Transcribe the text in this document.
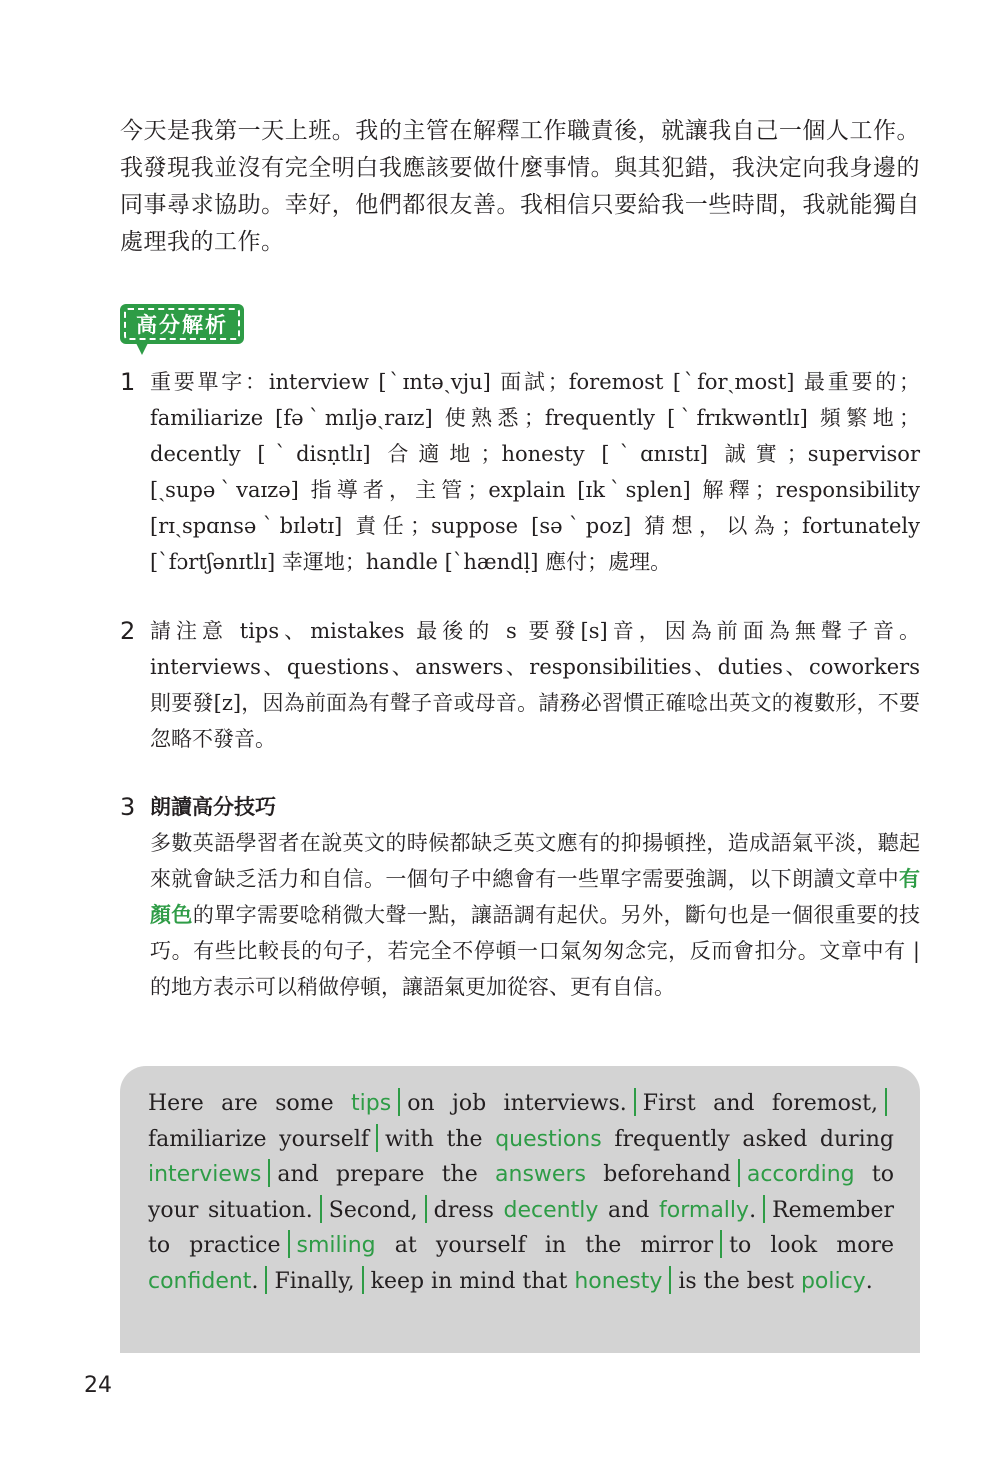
今天是我第一天上班。我的主管在解釋工作職責後，就讓我自己一個人工作。我發現我並沒有完全明白我應該要做什麼事情。與其犯錯，我決定向我身邊的同事尋求協助。幸好，他們都很友善。我相信只要給我一些時間，我就能獨自處理我的工作。

高分解析
1 重要單字：interview [ˋɪntəˏvju] 面試；foremost [ˋforˏmost] 最重要的；familiarize [fəˋmɪljəˏraɪz] 使熟悉；frequently [ˋfrɪkwəntlɪ] 頻繁地；decently [ˋdisṇtlɪ] 合適地；honesty [ˋɑnɪstɪ] 誠實；supervisor [ˏsupəˋvaɪzə] 指導者，主管；explain [ɪkˋsplen] 解釋；responsibility [rɪˏspɑnsəˋbɪlətɪ] 責任；suppose [səˋpoz] 猜想，以為；fortunately [ˋfɔrtʃənɪtlɪ] 幸運地；handle [ˋhændḷ] 應付；處理。
2 請注意 tips、mistakes 最後的 s 要發[s]音，因為前面為無聲子音。interviews、questions、answers、responsibilities、duties、coworkers 則要發[z]，因為前面為有聲子音或母音。請務必習慣正確唸出英文的複數形，不要忽略不發音。
3 朗讀高分技巧
多數英語學習者在說英文的時候都缺乏英文應有的抑揚頓挫，造成語氣平淡，聽起來就會缺乏活力和自信。一個句子中總會有一些單字需要強調，以下朗讀文章中有顏色的單字需要唸稍微大聲一點，讓語調有起伏。另外，斷句也是一個很重要的技巧。有些比較長的句子，若完全不停頓一口氣匆匆念完，反而會扣分。文章中有 | 的地方表示可以稍做停頓，讓語氣更加從容、更有自信。
Here are some tips on job interviews. First and foremost,familiarize yourself with the questions frequently asked during interviews and prepare the answers beforehand according to your situation. Second, dress decently and formally. Remember to practice smiling at yourself in the mirror to look more confident. Finally, keep in mind that honesty is the best policy.
24
